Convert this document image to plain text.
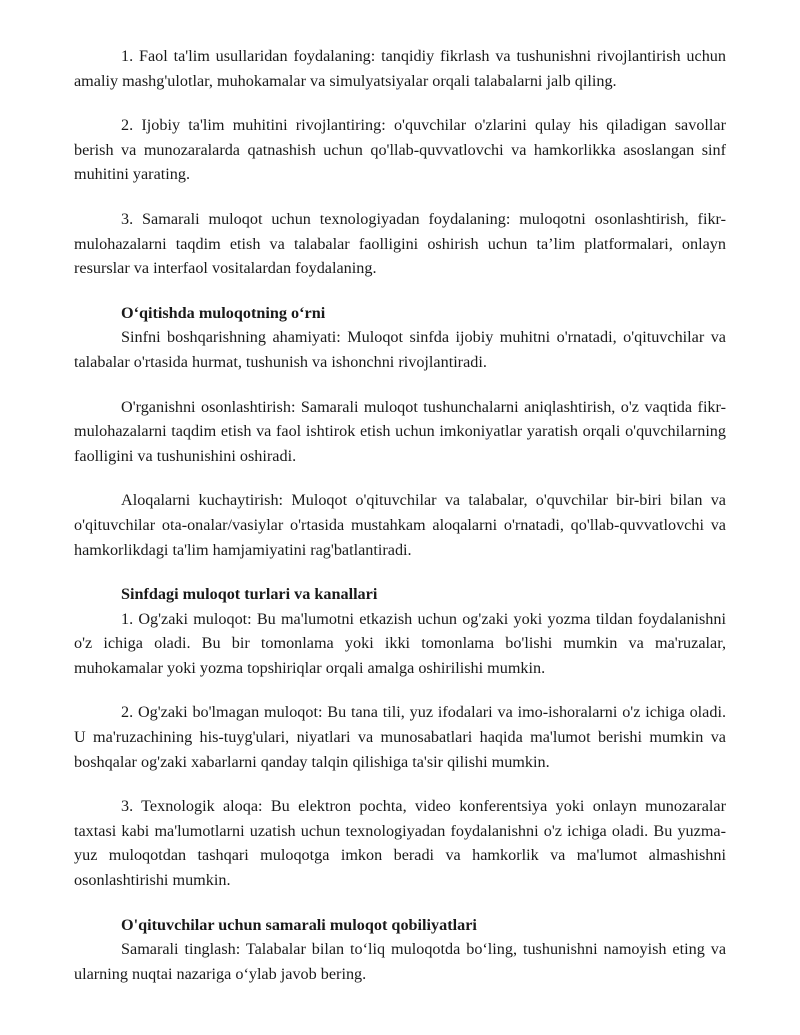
1. Faol ta'lim usullaridan foydalaning: tanqidiy fikrlash va tushunishni rivojlantirish uchun amaliy mashg'ulotlar, muhokamalar va simulyatsiyalar orqali talabalarni jalb qiling.

2. Ijobiy ta'lim muhitini rivojlantiring: o'quvchilar o'zlarini qulay his qiladigan savollar berish va munozaralarda qatnashish uchun qo'llab-quvvatlovchi va hamkorlikka asoslangan sinf muhitini yarating.

3. Samarali muloqot uchun texnologiyadan foydalaning: muloqotni osonlashtirish, fikr-mulohazalarni taqdim etish va talabalar faolligini oshirish uchun ta’lim platformalari, onlayn resurslar va interfaol vositalardan foydalaning.

O‘qitishda muloqotning o‘rni

Sinfni boshqarishning ahamiyati: Muloqot sinfda ijobiy muhitni o'rnatadi, o'qituvchilar va talabalar o'rtasida hurmat, tushunish va ishonchni rivojlantiradi.

O'rganishni osonlashtirish: Samarali muloqot tushunchalarni aniqlashtirish, o'z vaqtida fikr-mulohazalarni taqdim etish va faol ishtirok etish uchun imkoniyatlar yaratish orqali o'quvchilarning faolligini va tushunishini oshiradi.

Aloqalarni kuchaytirish: Muloqot o'qituvchilar va talabalar, o'quvchilar bir-biri bilan va o'qituvchilar ota-onalar/vasiylar o'rtasida mustahkam aloqalarni o'rnatadi, qo'llab-quvvatlovchi va hamkorlikdagi ta'lim hamjamiyatini rag'batlantiradi.

Sinfdagi muloqot turlari va kanallari

1. Og'zaki muloqot: Bu ma'lumotni etkazish uchun og'zaki yoki yozma tildan foydalanishni o'z ichiga oladi. Bu bir tomonlama yoki ikki tomonlama bo'lishi mumkin va ma'ruzalar, muhokamalar yoki yozma topshiriqlar orqali amalga oshirilishi mumkin.

2. Og'zaki bo'lmagan muloqot: Bu tana tili, yuz ifodalari va imo-ishoralarni o'z ichiga oladi. U ma'ruzachining his-tuyg'ulari, niyatlari va munosabatlari haqida ma'lumot berishi mumkin va boshqalar og'zaki xabarlarni qanday talqin qilishiga ta'sir qilishi mumkin.

3. Texnologik aloqa: Bu elektron pochta, video konferentsiya yoki onlayn munozaralar taxtasi kabi ma'lumotlarni uzatish uchun texnologiyadan foydalanishni o'z ichiga oladi. Bu yuzma-yuz muloqotdan tashqari muloqotga imkon beradi va hamkorlik va ma'lumot almashishni osonlashtirishi mumkin.

O'qituvchilar uchun samarali muloqot qobiliyatlari

Samarali tinglash: Talabalar bilan to‘liq muloqotda bo‘ling, tushunishni namoyish eting va ularning nuqtai nazariga o‘ylab javob bering.
